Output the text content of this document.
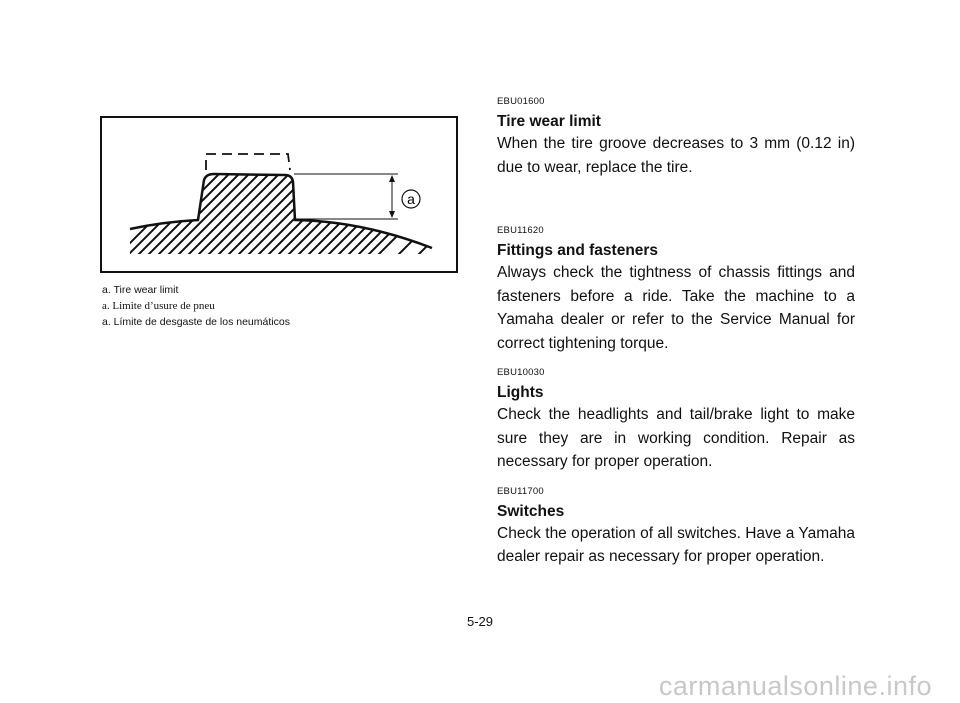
a
a. Tire wear limit
a. Limite d’usure de pneu
a. Límite de desgaste de los neumáticos
EBU01600
Tire wear limit

When the tire groove decreases to 3 mm (0.12 in) due to wear, replace the tire.

EBU11620
Fittings and fasteners

Always check the tightness of chassis fittings and fasteners before a ride. Take the machine to a Yamaha dealer or refer to the Service Manual for correct tightening torque.

EBU10030
Lights

Check the headlights and tail/brake light to make sure they are in working condition. Repair as necessary for proper operation.

EBU11700
Switches

Check the operation of all switches. Have a Yamaha dealer repair as necessary for proper operation.

5-29
carmanualsonline.info
